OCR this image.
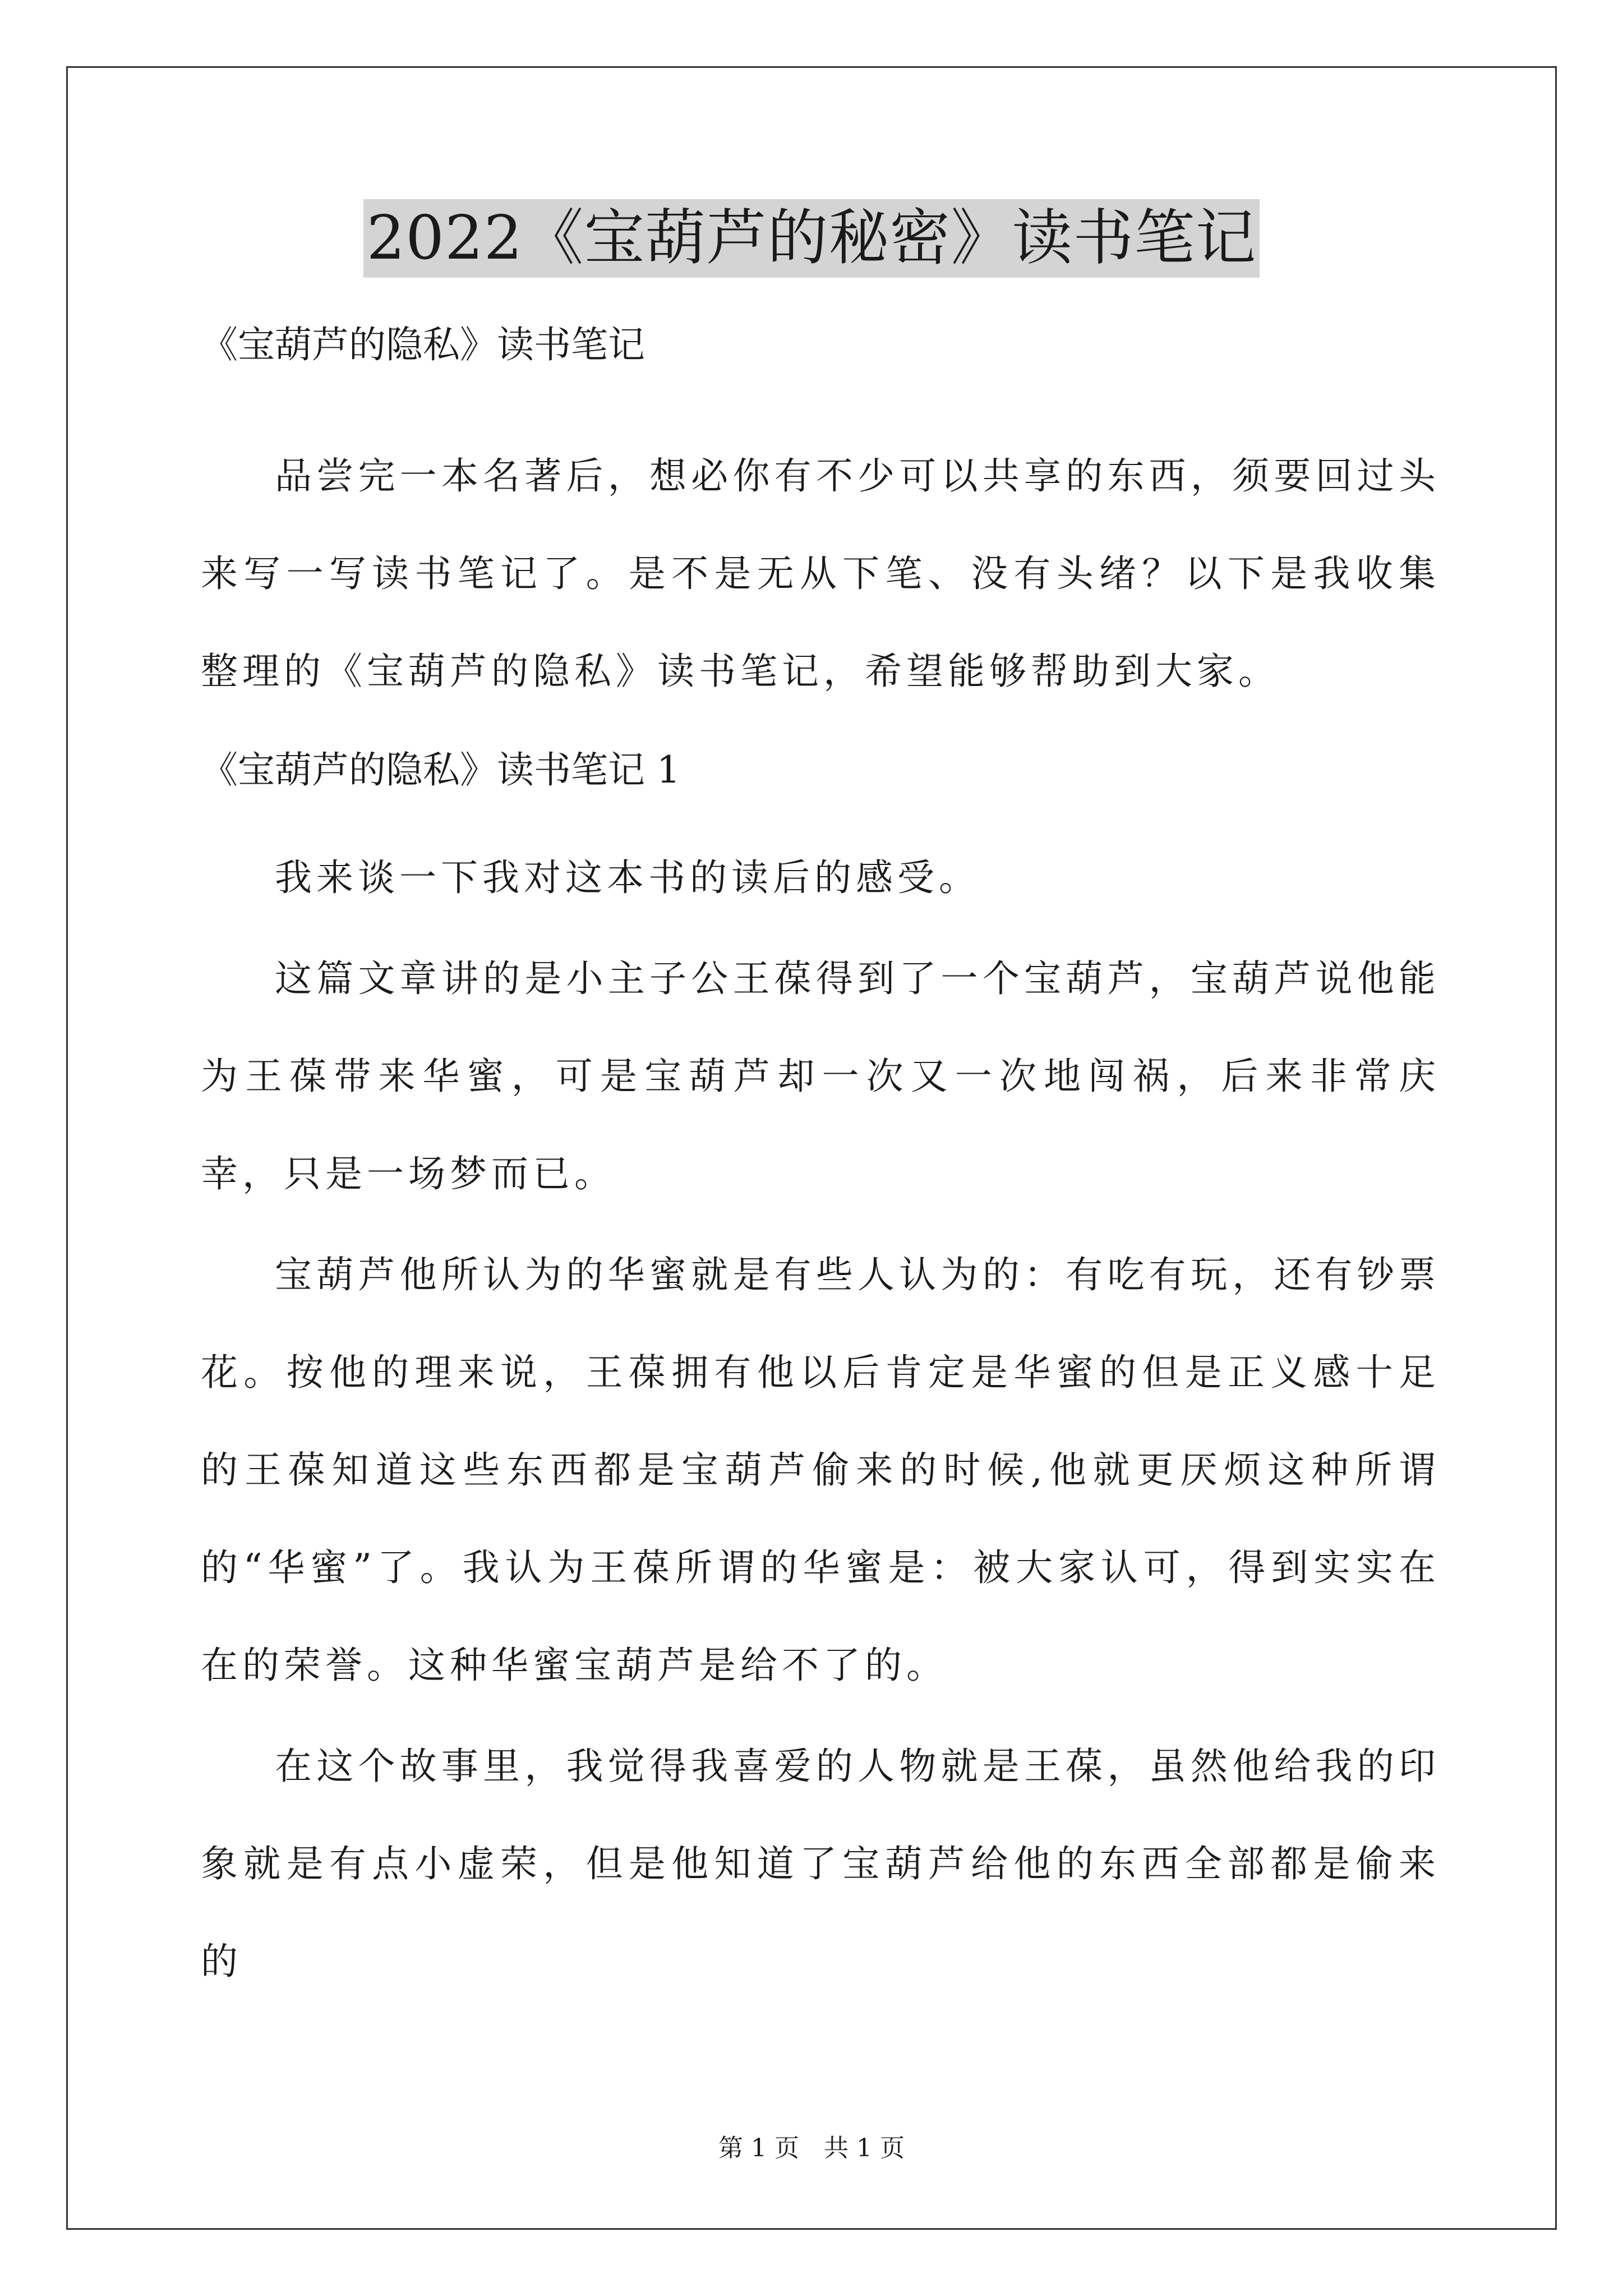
2022《宝葫芦的秘密》读书笔记
《宝葫芦的隐私》读书笔记

品尝完一本名著后，想必你有不少可以共享的东西，须要回过头来写一写读书笔记了。是不是无从下笔、没有头绪？以下是我收集整理的《宝葫芦的隐私》读书笔记，希望能够帮助到大家。

《宝葫芦的隐私》读书笔记 1

我来谈一下我对这本书的读后的感受。

这篇文章讲的是小主子公王葆得到了一个宝葫芦，宝葫芦说他能为王葆带来华蜜，可是宝葫芦却一次又一次地闯祸，后来非常庆幸，只是一场梦而已。

宝葫芦他所认为的华蜜就是有些人认为的：有吃有玩，还有钞票花。按他的理来说，王葆拥有他以后肯定是华蜜的但是正义感十足的王葆知道这些东西都是宝葫芦偷来的时候,他就更厌烦这种所谓的“华蜜”了。我认为王葆所谓的华蜜是：被大家认可，得到实实在在的荣誉。这种华蜜宝葫芦是给不了的。

在这个故事里，我觉得我喜爱的人物就是王葆，虽然他给我的印象就是有点小虚荣，但是他知道了宝葫芦给他的东西全部都是偷来的

第 1 页　共 1 页
